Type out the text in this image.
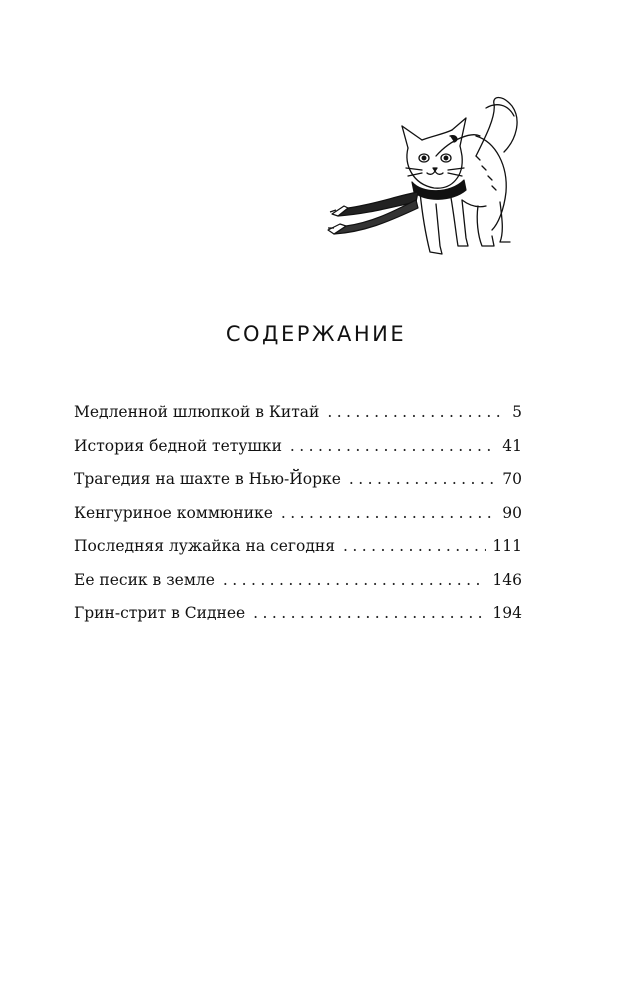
СОДЕРЖАНИЕ
Медленной шлюпкой в Китай . . .	5
История бедной тетушки . . .	41
Трагедия на шахте в Нью-Йорке . . .	70
Кенгуриное коммюнике . . .	90
Последняя лужайка на сегодня . . .	111
Ее песик в земле . . .	146
Грин-стрит в Сиднее . . .	194
